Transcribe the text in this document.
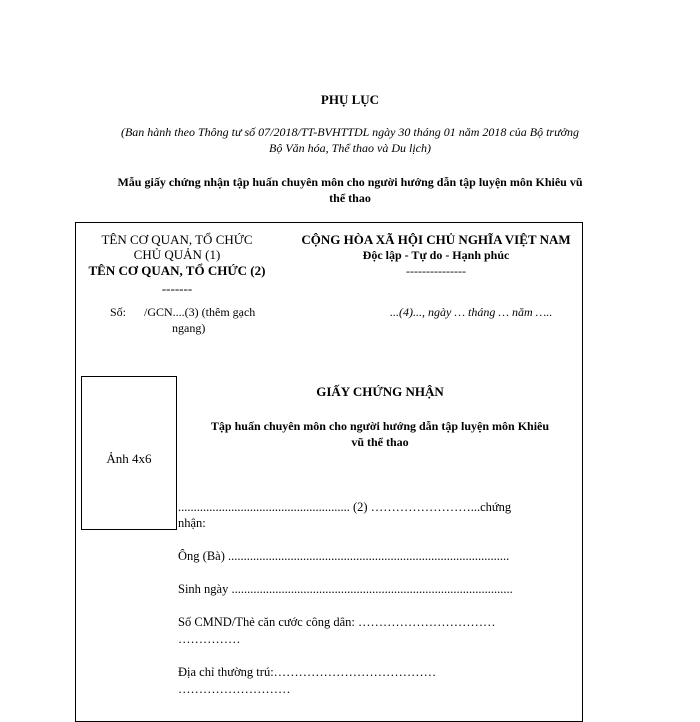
PHỤ LỤC
(Ban hành theo Thông tư số 07/2018/TT-BVHTTDL ngày 30 tháng 01 năm 2018 của Bộ trưởng
Bộ Văn hóa, Thể thao và Du lịch)
Mẫu giấy chứng nhận tập huấn chuyên môn cho người hướng dẫn tập luyện môn Khiêu vũ
thể thao
TÊN CƠ QUAN, TỔ CHỨC
CHỦ QUẢN (1)
TÊN CƠ QUAN, TỔ CHỨC (2)
-------
Số: /GCN....(3) (thêm gạch
ngang)
CỘNG HÒA XÃ HỘI CHỦ NGHĨA VIỆT NAM
Độc lập - Tự do - Hạnh phúc
---------------
...(4)..., ngày … tháng … năm …..
Ảnh 4x6
GIẤY CHỨNG NHẬN
Tập huấn chuyên môn cho người hướng dẫn tập luyện môn Khiêu
vũ thể thao
....................................................... (2) ……………………...chứng
nhận:
Ông (Bà) ..........................................................................................
Sinh ngày ..........................................................................................
Số CMND/Thẻ căn cước công dân: ……………………………
……………
Địa chỉ thường trú:…………………………………
………………………
